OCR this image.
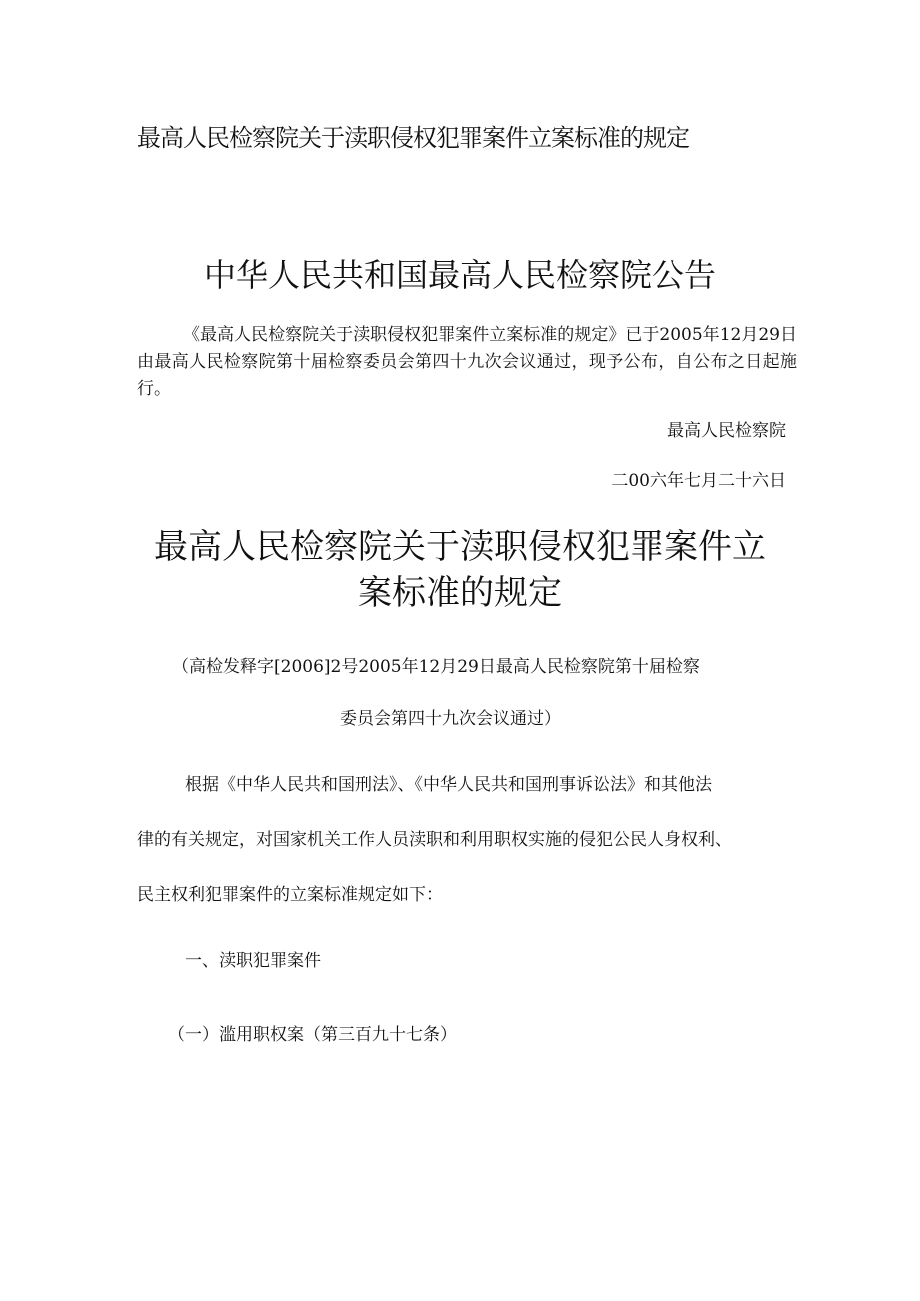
最高人民检察院关于渎职侵权犯罪案件立案标准的规定
中华人民共和国最高人民检察院公告
《最高人民检察院关于渎职侵权犯罪案件立案标准的规定》已于2005年12月29日由最高人民检察院第十届检察委员会第四十九次会议通过，现予公布，自公布之日起施行。
最高人民检察院
二00六年七月二十六日
最高人民检察院关于渎职侵权犯罪案件立
案标准的规定
（高检发释字[2006]2号2005年12月29日最高人民检察院第十届检察
委员会第四十九次会议通过）
根据《中华人民共和国刑法》、《中华人民共和国刑事诉讼法》和其他法
律的有关规定，对国家机关工作人员渎职和利用职权实施的侵犯公民人身权利、
民主权利犯罪案件的立案标准规定如下：
一、渎职犯罪案件
（一）滥用职权案（第三百九十七条）
